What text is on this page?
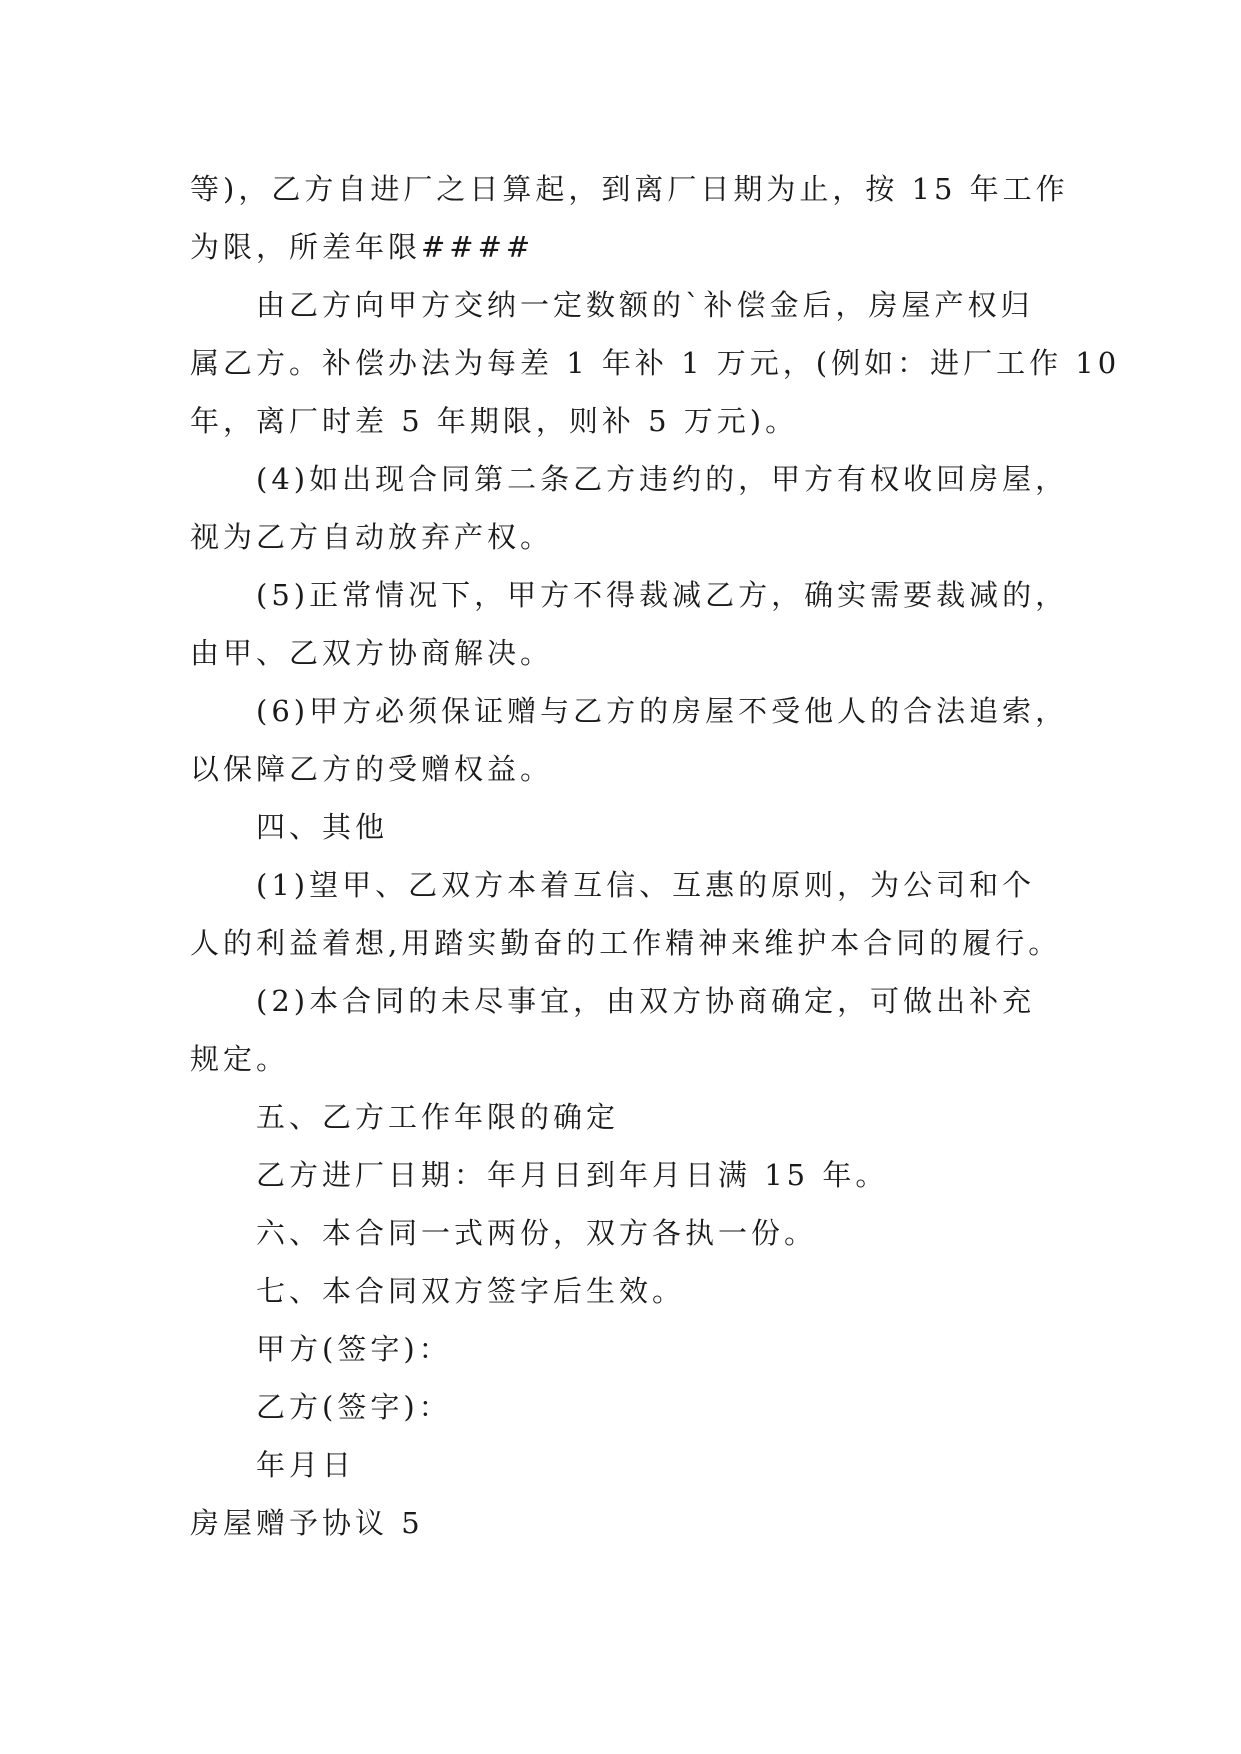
等)，乙方自进厂之日算起，到离厂日期为止，按 15 年工作
为限，所差年限####

由乙方向甲方交纳一定数额的`补偿金后，房屋产权归
属乙方。补偿办法为每差 1 年补 1 万元，(例如：进厂工作 10
年，离厂时差 5 年期限，则补 5 万元)。

(4)如出现合同第二条乙方违约的，甲方有权收回房屋，
视为乙方自动放弃产权。

(5)正常情况下，甲方不得裁减乙方，确实需要裁减的，
由甲、乙双方协商解决。

(6)甲方必须保证赠与乙方的房屋不受他人的合法追索，
以保障乙方的受赠权益。

四、其他

(1)望甲、乙双方本着互信、互惠的原则，为公司和个
人的利益着想,用踏实勤奋的工作精神来维护本合同的履行。

(2)本合同的未尽事宜，由双方协商确定，可做出补充
规定。

五、乙方工作年限的确定

乙方进厂日期：年月日到年月日满 15 年。

六、本合同一式两份，双方各执一份。

七、本合同双方签字后生效。

甲方(签字)：

乙方(签字)：

年月日

房屋赠予协议 5
